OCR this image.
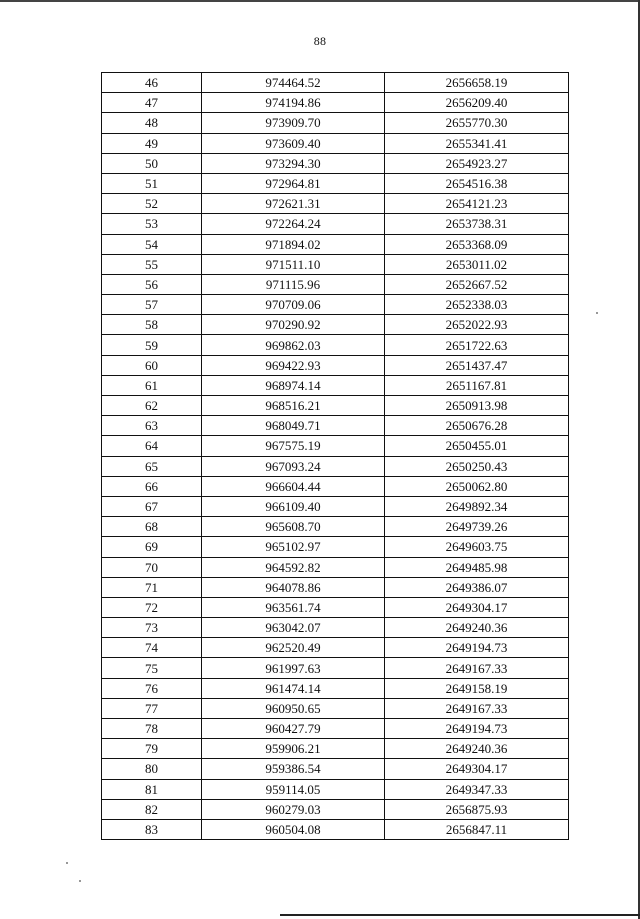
88
46	974464.52	2656658.19
47	974194.86	2656209.40
48	973909.70	2655770.30
49	973609.40	2655341.41
50	973294.30	2654923.27
51	972964.81	2654516.38
52	972621.31	2654121.23
53	972264.24	2653738.31
54	971894.02	2653368.09
55	971511.10	2653011.02
56	971115.96	2652667.52
57	970709.06	2652338.03
58	970290.92	2652022.93
59	969862.03	2651722.63
60	969422.93	2651437.47
61	968974.14	2651167.81
62	968516.21	2650913.98
63	968049.71	2650676.28
64	967575.19	2650455.01
65	967093.24	2650250.43
66	966604.44	2650062.80
67	966109.40	2649892.34
68	965608.70	2649739.26
69	965102.97	2649603.75
70	964592.82	2649485.98
71	964078.86	2649386.07
72	963561.74	2649304.17
73	963042.07	2649240.36
74	962520.49	2649194.73
75	961997.63	2649167.33
76	961474.14	2649158.19
77	960950.65	2649167.33
78	960427.79	2649194.73
79	959906.21	2649240.36
80	959386.54	2649304.17
81	959114.05	2649347.33
82	960279.03	2656875.93
83	960504.08	2656847.11
